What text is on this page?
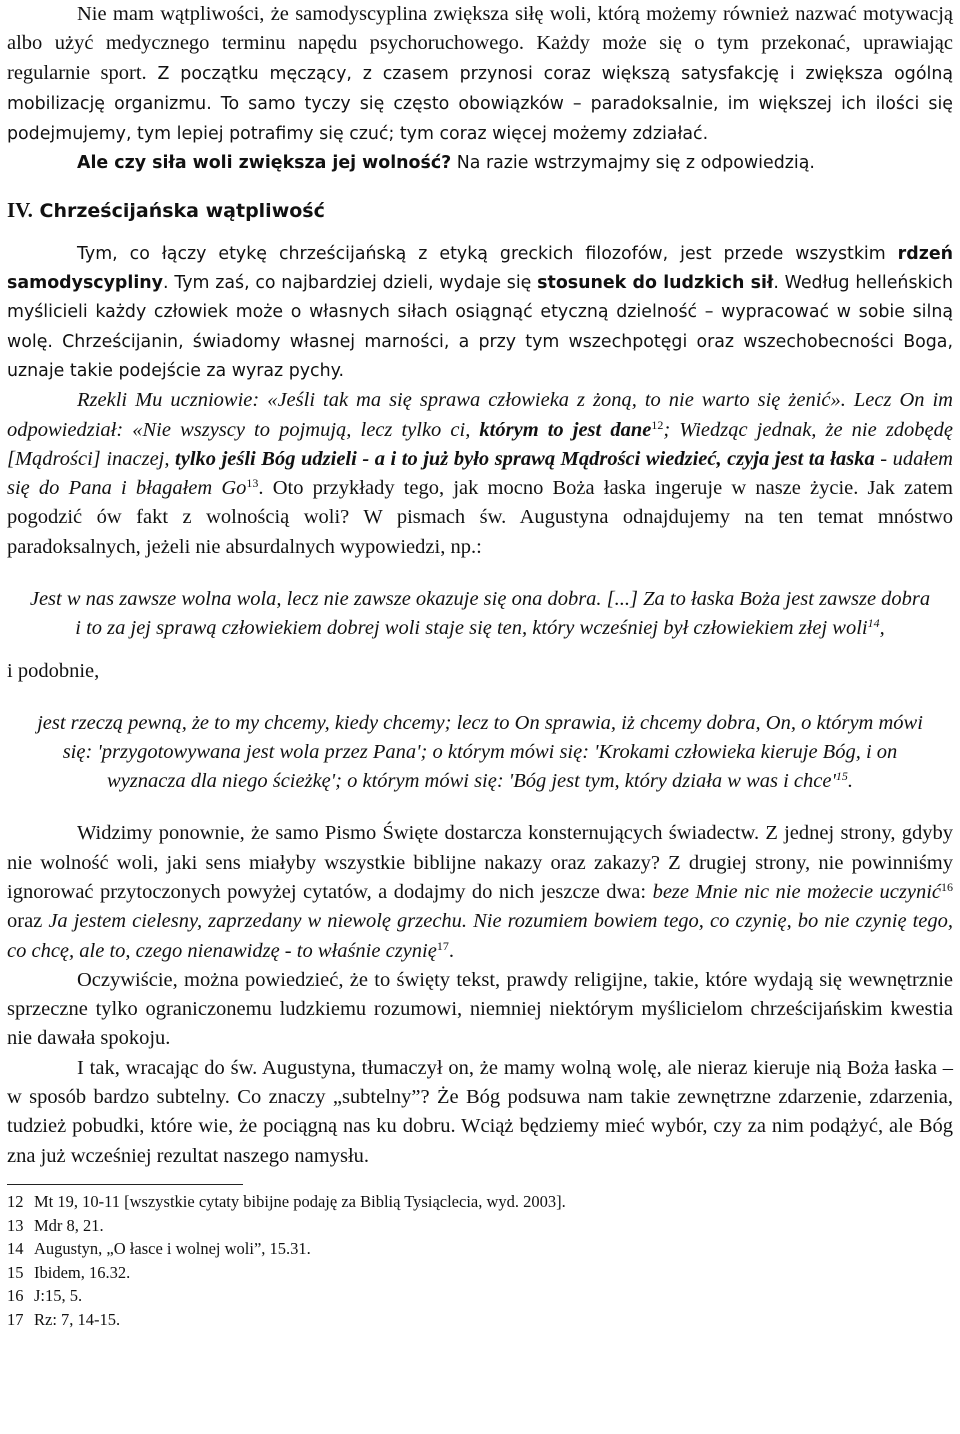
Nie mam wątpliwości, że samodyscyplina zwiększa siłę woli, którą możemy również nazwać motywacją albo użyć medycznego terminu napędu psychoruchowego. Każdy może się o tym przekonać, uprawiając regularnie sport. Z początku męczący, z czasem przynosi coraz większą satysfakcję i zwiększa ogólną mobilizację organizmu. To samo tyczy się często obowiązków – paradoksalnie, im większej ich ilości się podejmujemy, tym lepiej potrafimy się czuć; tym coraz więcej możemy zdziałać.

Ale czy siła woli zwiększa jej wolność? Na razie wstrzymajmy się z odpowiedzią.

IV. Chrześcijańska wątpliwość

Tym, co łączy etykę chrześcijańską z etyką greckich filozofów, jest przede wszystkim rdzeń samodyscypliny. Tym zaś, co najbardziej dzieli, wydaje się stosunek do ludzkich sił. Według helleńskich myślicieli każdy człowiek może o własnych siłach osiągnąć etyczną dzielność – wypracować w sobie silną wolę. Chrześcijanin, świadomy własnej marności, a przy tym wszechpotęgi oraz wszechobecności Boga, uznaje takie podejście za wyraz pychy.

Rzekli Mu uczniowie: «Jeśli tak ma się sprawa człowieka z żoną, to nie warto się żenić». Lecz On im odpowiedział: «Nie wszyscy to pojmują, lecz tylko ci, którym to jest dane$^{12}$; Wiedząc jednak, że nie zdobędę [Mądrości] inaczej, tylko jeśli Bóg udzieli - a i to już było sprawą Mądrości wiedzieć, czyja jest ta łaska - udałem się do Pana i błagałem Go$^{13}$. Oto przykłady tego, jak mocno Boża łaska ingeruje w nasze życie. Jak zatem pogodzić ów fakt z wolnością woli? W pismach św. Augustyna odnajdujemy na ten temat mnóstwo paradoksalnych, jeżeli nie absurdalnych wypowiedzi, np.:

Jest w nas zawsze wolna wola, lecz nie zawsze okazuje się ona dobra. [...] Za to łaska Boża jest zawsze dobra i to za jej sprawą człowiekiem dobrej woli staje się ten, który wcześniej był człowiekiem złej woli$^{14}$,

i podobnie,

jest rzeczą pewną, że to my chcemy, kiedy chcemy; lecz to On sprawia, iż chcemy dobra, On, o którym mówi się: 'przygotowywana jest wola przez Pana'; o którym mówi się: 'Krokami człowieka kieruje Bóg, i on wyznacza dla niego ścieżkę'; o którym mówi się: 'Bóg jest tym, który działa w was i $chce'^{15}$.

Widzimy ponownie, że samo Pismo Święte dostarcza konsternujących świadectw. Z jednej strony, gdyby nie wolność woli, jaki sens miałyby wszystkie biblijne nakazy oraz zakazy? Z drugiej strony, nie powinniśmy ignorować przytoczonych powyżej cytatów, a dodajmy do nich jeszcze dwa: beze Mnie nic nie możecie uczynić$^{16}$ oraz Ja jestem cielesny, zaprzedany w niewolę grzechu. Nie rozumiem bowiem tego, co czynię, bo nie czynię tego, co chcę, ale to, czego nienawidzę - to właśnie czynię$^{17}$.

Oczywiście, można powiedzieć, że to święty tekst, prawdy religijne, takie, które wydają się wewnętrznie sprzeczne tylko ograniczonemu ludzkiemu rozumowi, niemniej niektórym myślicielom chrześcijańskim kwestia nie dawała spokoju.

I tak, wracając do św. Augustyna, tłumaczył on, że mamy wolną wolę, ale nieraz kieruje nią Boża łaska – w sposób bardzo subtelny. Co znaczy „subtelny”? Że Bóg podsuwa nam takie zewnętrzne zdarzenie, zdarzenia, tudzież pobudki, które wie, że pociągną nas ku dobru. Wciąż będziemy mieć wybór, czy za nim podążyć, ale Bóg zna już wcześniej rezultat naszego namysłu.

12 Mt 19, 10-11 [wszystkie cytaty bibijne podaję za Biblią Tysiąclecia, wyd. 2003].
13 Mdr 8, 21.
14 Augustyn, „O łasce i wolnej woli”, 15.31.
15 Ibidem, 16.32.
16 J:15, 5.
17 Rz: 7, 14-15.
